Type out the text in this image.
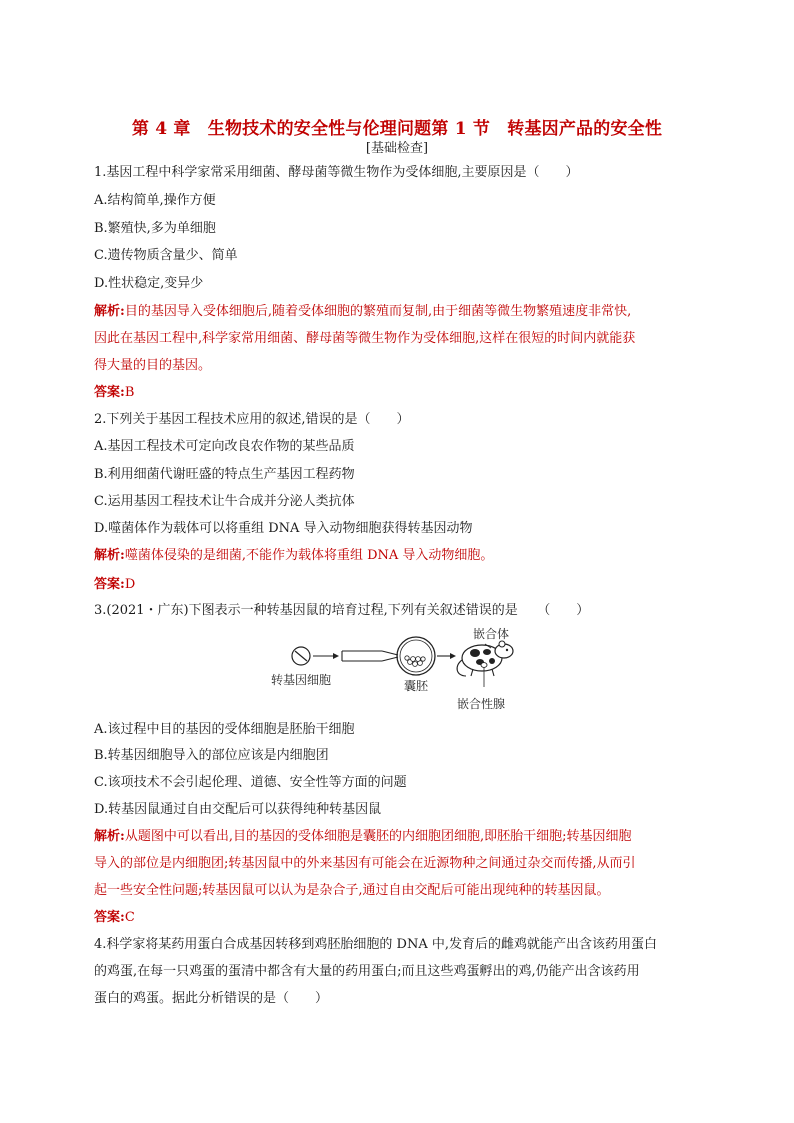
第 4 章　生物技术的安全性与伦理问题第 1 节　转基因产品的安全性
[基础检查]
1.基因工程中科学家常采用细菌、酵母菌等微生物作为受体细胞,主要原因是（　　）
A.结构简单,操作方便
B.繁殖快,多为单细胞
C.遗传物质含量少、简单
D.性状稳定,变异少
解析:目的基因导入受体细胞后,随着受体细胞的繁殖而复制,由于细菌等微生物繁殖速度非常快,
因此在基因工程中,科学家常用细菌、酵母菌等微生物作为受体细胞,这样在很短的时间内就能获
得大量的目的基因。
答案:B
2.下列关于基因工程技术应用的叙述,错误的是（　　）
A.基因工程技术可定向改良农作物的某些品质
B.利用细菌代谢旺盛的特点生产基因工程药物
C.运用基因工程技术让牛合成并分泌人类抗体
D.噬菌体作为载体可以将重组 DNA 导入动物细胞获得转基因动物
解析:噬菌体侵染的是细菌,不能作为载体将重组 DNA 导入动物细胞。
答案:D
3.(2021・广东)下图表示一种转基因鼠的培育过程,下列有关叙述错误的是　　（　　）
转基因细胞	囊胚
嵌合体
嵌合性腺
A.该过程中目的基因的受体细胞是胚胎干细胞
B.转基因细胞导入的部位应该是内细胞团
C.该项技术不会引起伦理、道德、安全性等方面的问题
D.转基因鼠通过自由交配后可以获得纯种转基因鼠
解析:从题图中可以看出,目的基因的受体细胞是囊胚的内细胞团细胞,即胚胎干细胞;转基因细胞
导入的部位是内细胞团;转基因鼠中的外来基因有可能会在近源物种之间通过杂交而传播,从而引
起一些安全性问题;转基因鼠可以认为是杂合子,通过自由交配后可能出现纯种的转基因鼠。
答案:C
4.科学家将某药用蛋白合成基因转移到鸡胚胎细胞的 DNA 中,发育后的雌鸡就能产出含该药用蛋白
的鸡蛋,在每一只鸡蛋的蛋清中都含有大量的药用蛋白;而且这些鸡蛋孵出的鸡,仍能产出含该药用
蛋白的鸡蛋。据此分析错误的是（　　）
